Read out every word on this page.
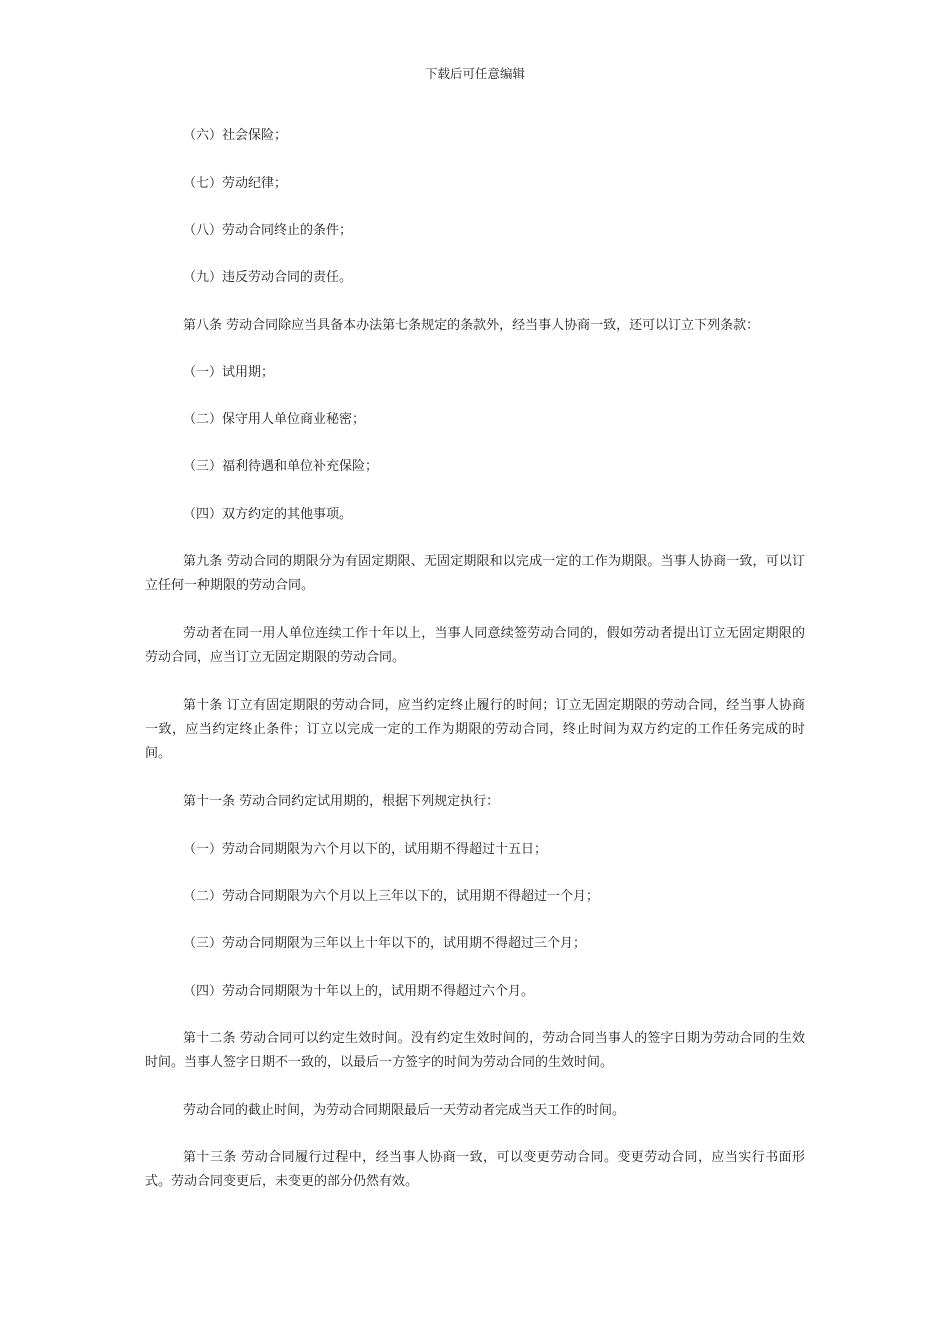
下载后可任意编辑

（六）社会保险；

（七）劳动纪律；

（八）劳动合同终止的条件；

（九）违反劳动合同的责任。

第八条 劳动合同除应当具备本办法第七条规定的条款外，经当事人协商一致，还可以订立下列条款：

（一）试用期；

（二）保守用人单位商业秘密；

（三）福利待遇和单位补充保险；

（四）双方约定的其他事项。

第九条 劳动合同的期限分为有固定期限、无固定期限和以完成一定的工作为期限。当事人协商一致，可以订立任何一种期限的劳动合同。

劳动者在同一用人单位连续工作十年以上，当事人同意续签劳动合同的，假如劳动者提出订立无固定期限的劳动合同，应当订立无固定期限的劳动合同。

第十条 订立有固定期限的劳动合同，应当约定终止履行的时间；订立无固定期限的劳动合同，经当事人协商一致，应当约定终止条件；订立以完成一定的工作为期限的劳动合同，终止时间为双方约定的工作任务完成的时间。

第十一条 劳动合同约定试用期的，根据下列规定执行：

（一）劳动合同期限为六个月以下的，试用期不得超过十五日；

（二）劳动合同期限为六个月以上三年以下的，试用期不得超过一个月；

（三）劳动合同期限为三年以上十年以下的，试用期不得超过三个月；

（四）劳动合同期限为十年以上的，试用期不得超过六个月。

第十二条 劳动合同可以约定生效时间。没有约定生效时间的，劳动合同当事人的签字日期为劳动合同的生效时间。当事人签字日期不一致的，以最后一方签字的时间为劳动合同的生效时间。

劳动合同的截止时间，为劳动合同期限最后一天劳动者完成当天工作的时间。

第十三条 劳动合同履行过程中，经当事人协商一致，可以变更劳动合同。变更劳动合同，应当实行书面形式。劳动合同变更后，未变更的部分仍然有效。
